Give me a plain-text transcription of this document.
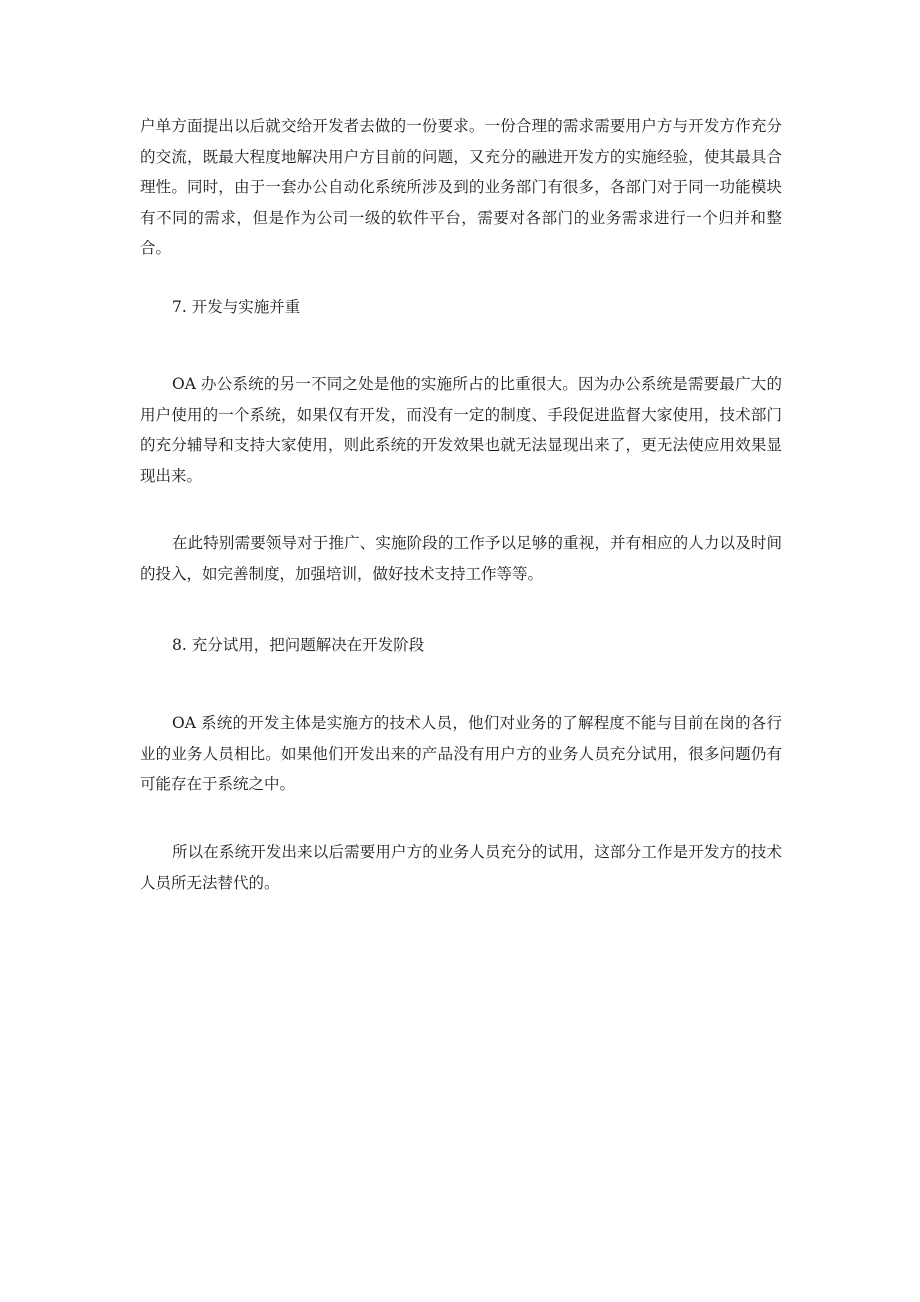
户单方面提出以后就交给开发者去做的一份要求。一份合理的需求需要用户方与开发方作充分的交流，既最大程度地解决用户方目前的问题，又充分的融进开发方的实施经验，使其最具合理性。同时，由于一套办公自动化系统所涉及到的业务部门有很多，各部门对于同一功能模块有不同的需求，但是作为公司一级的软件平台，需要对各部门的业务需求进行一个归并和整合。

7. 开发与实施并重

OA 办公系统的另一不同之处是他的实施所占的比重很大。因为办公系统是需要最广大的用户使用的一个系统，如果仅有开发，而没有一定的制度、手段促进监督大家使用，技术部门的充分辅导和支持大家使用，则此系统的开发效果也就无法显现出来了，更无法使应用效果显现出来。

在此特别需要领导对于推广、实施阶段的工作予以足够的重视，并有相应的人力以及时间的投入，如完善制度，加强培训，做好技术支持工作等等。

8. 充分试用，把问题解决在开发阶段

OA 系统的开发主体是实施方的技术人员，他们对业务的了解程度不能与目前在岗的各行业的业务人员相比。如果他们开发出来的产品没有用户方的业务人员充分试用，很多问题仍有可能存在于系统之中。

所以在系统开发出来以后需要用户方的业务人员充分的试用，这部分工作是开发方的技术人员所无法替代的。
